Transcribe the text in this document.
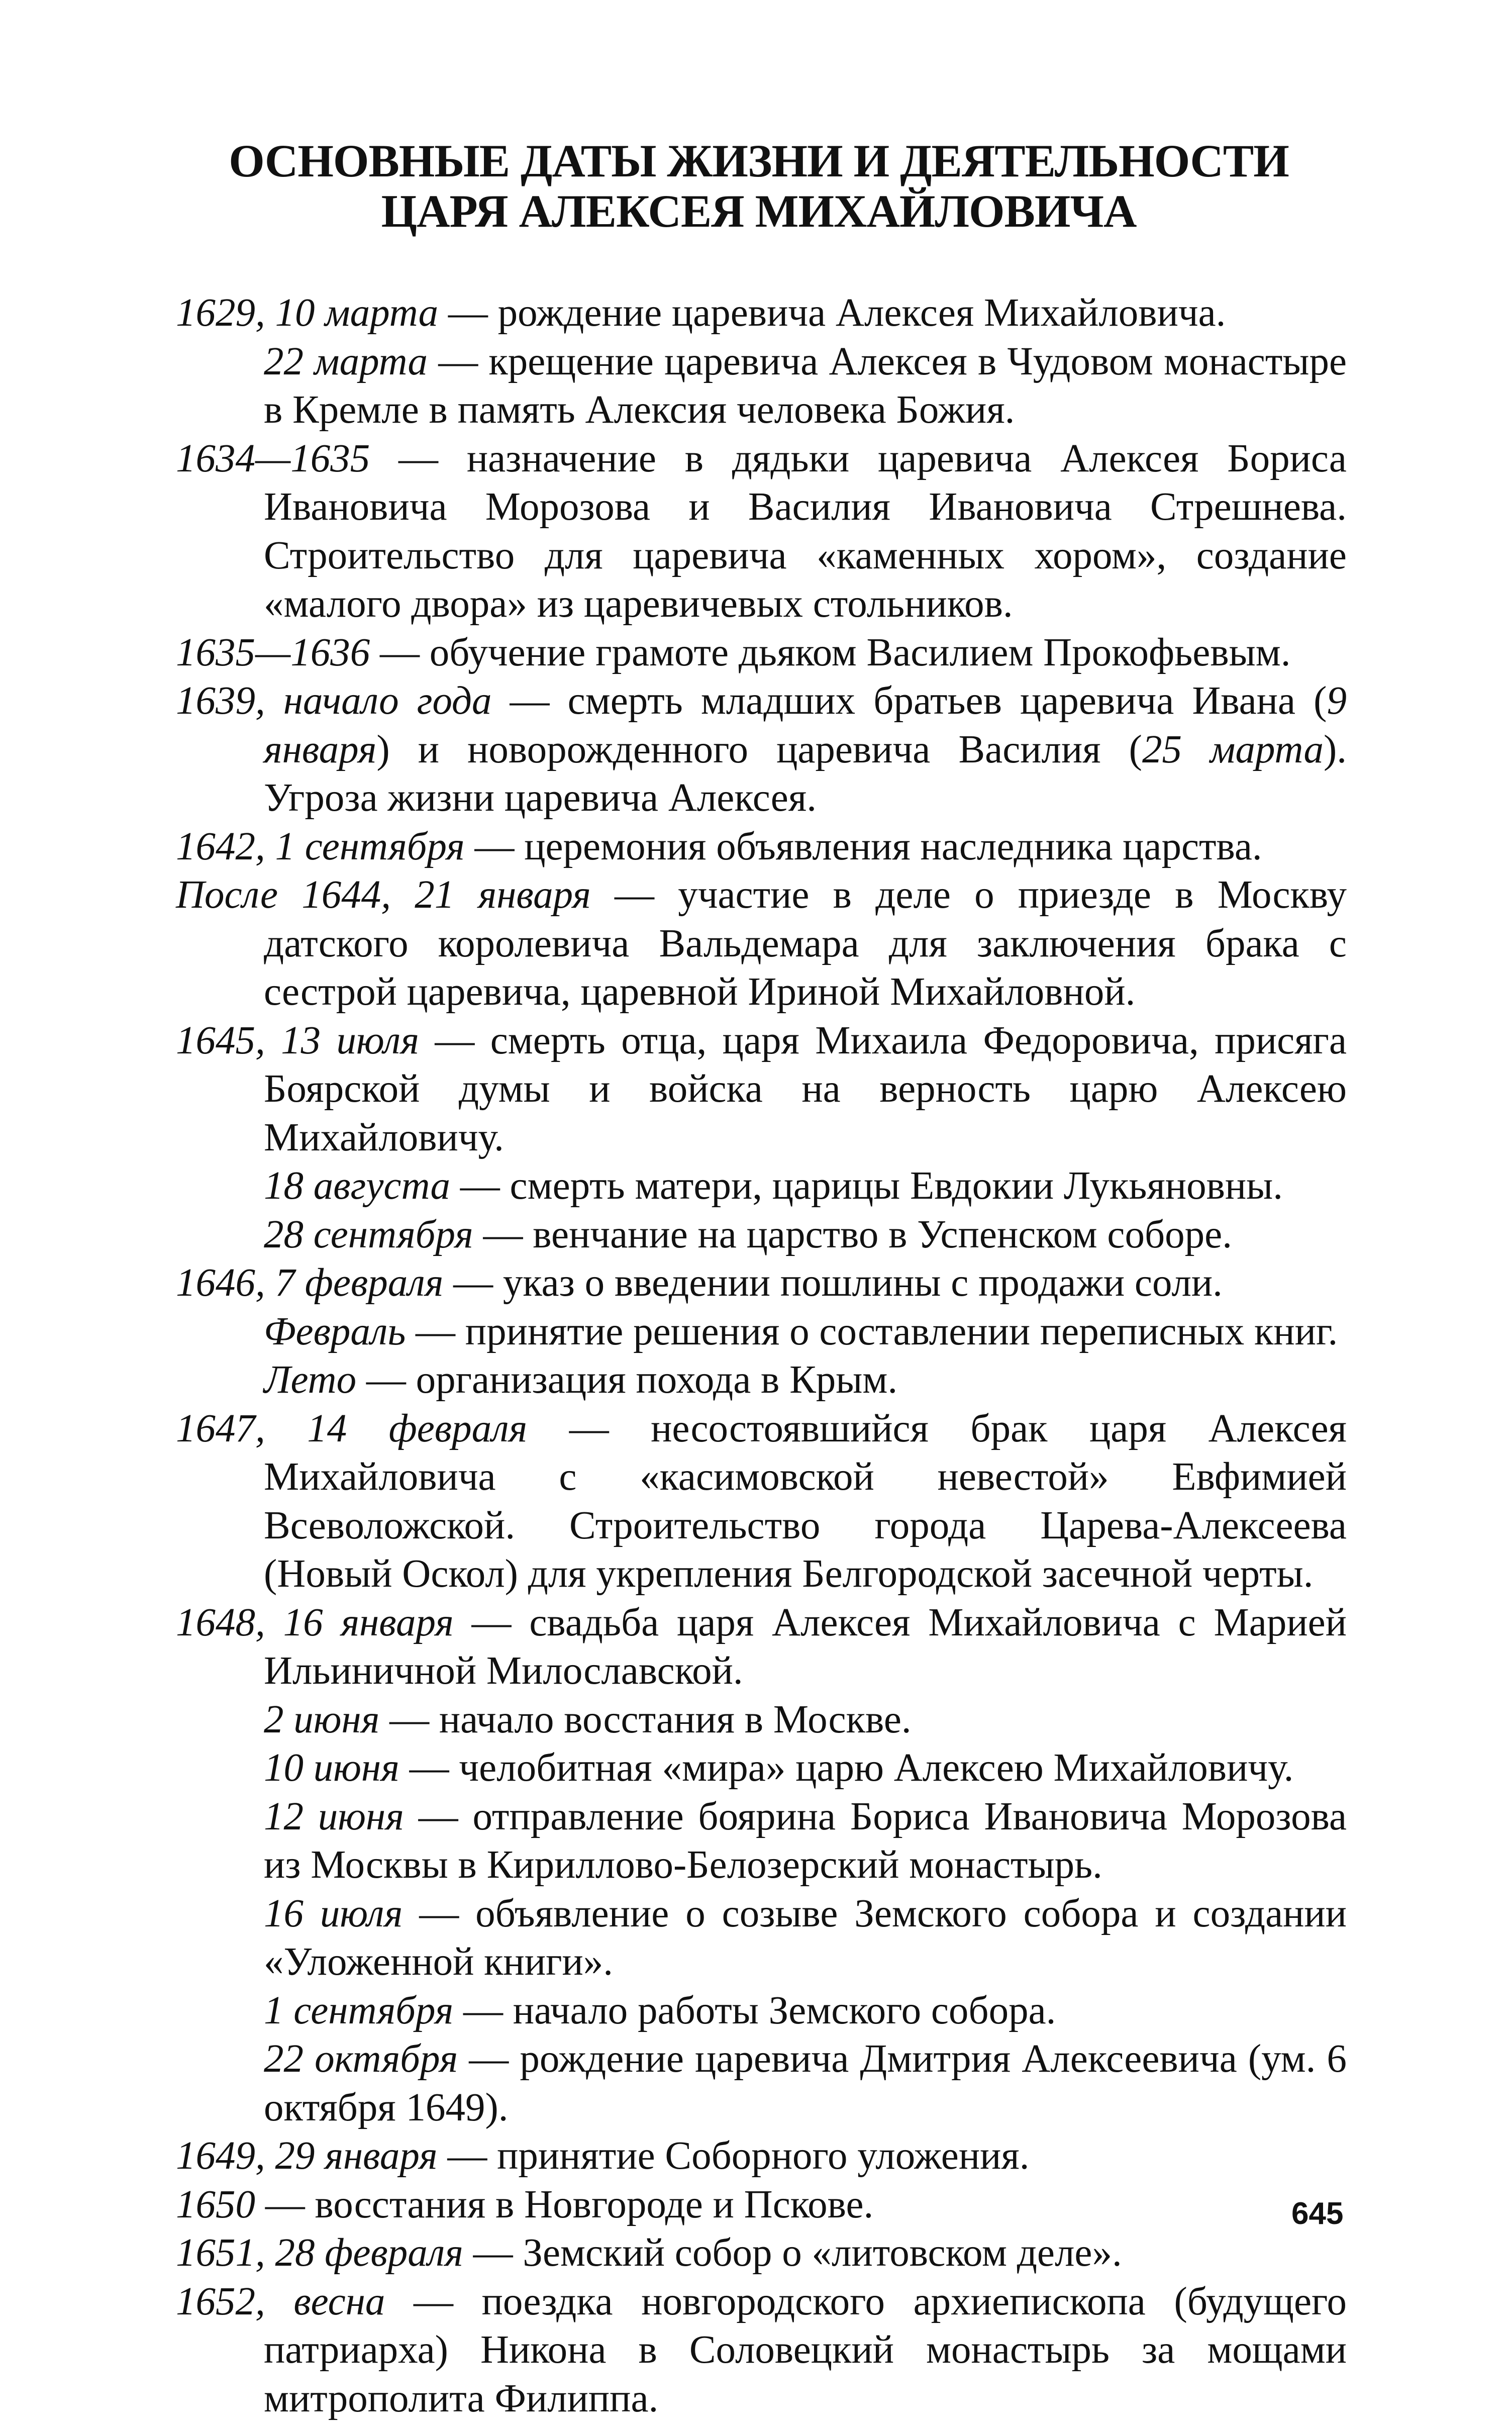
ОСНОВНЫЕ ДАТЫ ЖИЗНИ И ДЕЯТЕЛЬНОСТИ
ЦАРЯ АЛЕКСЕЯ МИХАЙЛОВИЧА

1629, 10 марта — рождение царевича Алексея Михайловича.

22 марта — крещение царевича Алексея в Чудовом монастыре в Кремле в память Алексия человека Божия.

1634—1635 — назначение в дядьки царевича Алексея Бориса Ивановича Морозова и Василия Ивановича Стрешнева. Строительство для царевича «каменных хором», создание «малого двора» из царевичевых стольников.

1635—1636 — обучение грамоте дьяком Василием Прокофьевым.

1639, начало года — смерть младших братьев царевича Ивана (9 января) и новорожденного царевича Василия (25 марта). Угроза жизни царевича Алексея.

1642, 1 сентября — церемония объявления наследника царства.

После 1644, 21 января — участие в деле о приезде в Москву датского королевича Вальдемара для заключения брака с сестрой царевича, царевной Ириной Михайловной.

1645, 13 июля — смерть отца, царя Михаила Федоровича, присяга Боярской думы и войска на верность царю Алексею Михайловичу.

18 августа — смерть матери, царицы Евдокии Лукьяновны.

28 сентября — венчание на царство в Успенском соборе.

1646, 7 февраля — указ о введении пошлины с продажи соли.

Февраль — принятие решения о составлении переписных книг.

Лето — организация похода в Крым.

1647, 14 февраля — несостоявшийся брак царя Алексея Михайловича с «касимовской невестой» Евфимией Всеволожской. Строительство города Царева-Алексеева (Новый Оскол) для укрепления Белгородской засечной черты.

1648, 16 января — свадьба царя Алексея Михайловича с Марией Ильиничной Милославской.

2 июня — начало восстания в Москве.

10 июня — челобитная «мира» царю Алексею Михайловичу.

12 июня — отправление боярина Бориса Ивановича Морозова из Москвы в Кириллово-Белозерский монастырь.

16 июля — объявление о созыве Земского собора и создании «Уложенной книги».

1 сентября — начало работы Земского собора.

22 октября — рождение царевича Дмитрия Алексеевича (ум. 6 октября 1649).

1649, 29 января — принятие Соборного уложения.

1650 — восстания в Новгороде и Пскове.

1651, 28 февраля — Земский собор о «литовском деле».

1652, весна — поездка новгородского архиепископа (будущего патриарха) Никона в Соловецкий монастырь за мощами митрополита Филиппа.

645
